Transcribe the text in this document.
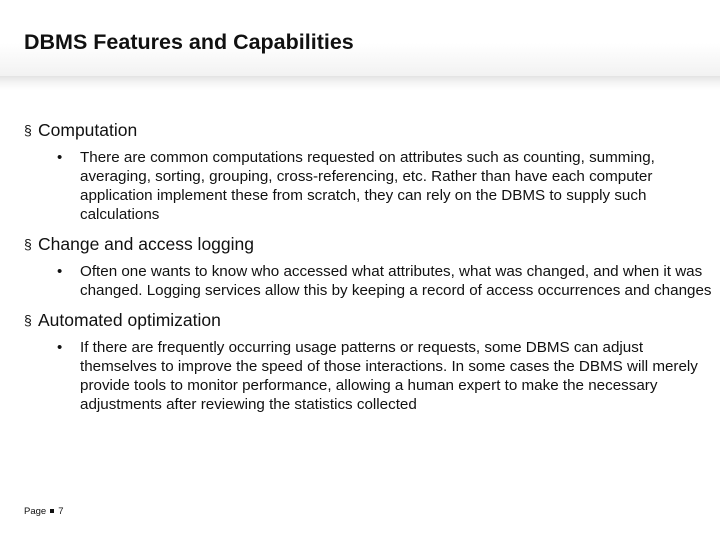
DBMS Features and Capabilities
§ Computation
• There are common computations requested on attributes such as counting, summing, averaging, sorting, grouping, cross-referencing, etc. Rather than have each computer application implement these from scratch, they can rely on the DBMS to supply such calculations
§ Change and access logging
• Often one wants to know who accessed what attributes, what was changed, and when it was changed. Logging services allow this by keeping a record of access occurrences and changes
§ Automated optimization
• If there are frequently occurring usage patterns or requests, some DBMS can adjust themselves to improve the speed of those interactions. In some cases the DBMS will merely provide tools to monitor performance, allowing a human expert to make the necessary adjustments after reviewing the statistics collected
Page 7
